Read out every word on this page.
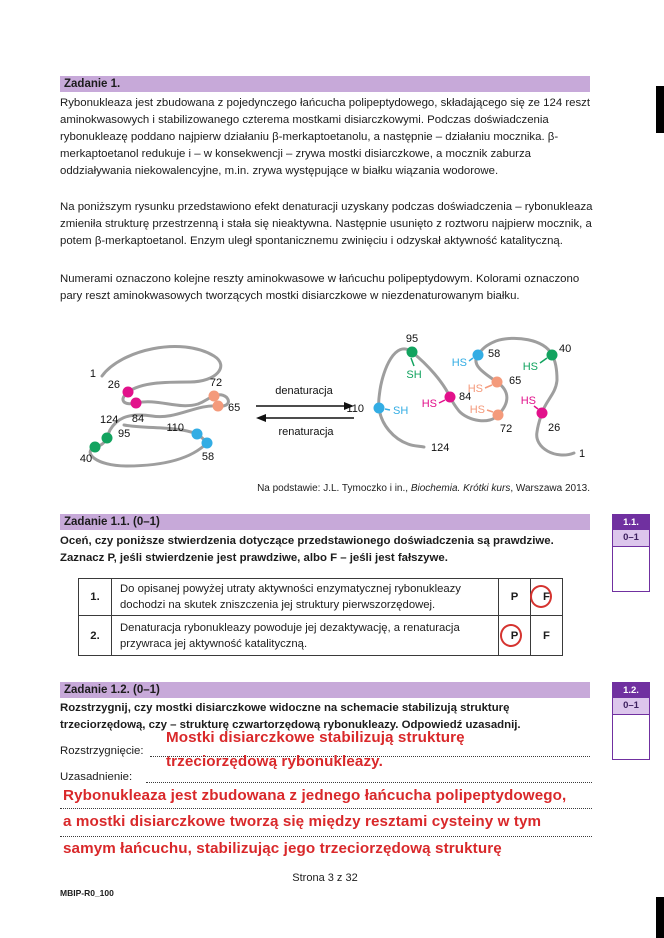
Zadanie 1.
Rybonukleaza jest zbudowana z pojedynczego łańcucha polipeptydowego, składającego się ze 124 reszt aminokwasowych i stabilizowanego czterema mostkami disiarczkowymi. Podczas doświadczenia rybonukleazę poddano najpierw działaniu β-merkaptoetanolu, a następnie – działaniu mocznika. β-merkaptoetanol redukuje i – w konsekwencji – zrywa mostki disiarczkowe, a mocznik zaburza oddziaływania niekowalencyjne, m.in. zrywa występujące w białku wiązania wodorowe.
Na poniższym rysunku przedstawiono efekt denaturacji uzyskany podczas doświadczenia – rybonukleaza zmieniła strukturę przestrzenną i stała się nieaktywna. Następnie usunięto z roztworu najpierw mocznik, a potem β-merkaptoetanol. Enzym uległ spontanicznemu zwinięciu i odzyskał aktywność katalityczną.
Numerami oznaczono kolejne reszty aminokwasowe w łańcuchu polipeptydowym. Kolorami oznaczono pary reszt aminokwasowych tworzących mostki disiarczkowe w niezdenaturowanym białku.
1
26
84
72
65
124
95
40
110
58
denaturacja
renaturacja
95
SH
58
HS
40
HS
65
HS
84
HS
72
HS
110	SH
26
HS
124	1
Na podstawie: J.L. Tymoczko i in., Biochemia. Krótki kurs, Warszawa 2013.
Zadanie 1.1. (0–1)
Oceń, czy poniższe stwierdzenia dotyczące przedstawionego doświadczenia są prawdziwe. Zaznacz P, jeśli stwierdzenie jest prawdziwe, albo F – jeśli jest fałszywe.
1.1.
0–1
1.	Do opisanej powyżej utraty aktywności enzymatycznej rybonukleazy dochodzi na skutek zniszczenia jej struktury pierwszorzędowej.	P	F
2.	Denaturacja rybonukleazy powoduje jej dezaktywację, a renaturacja przywraca jej aktywność katalityczną.	P	F
Zadanie 1.2. (0–1)
Rozstrzygnij, czy mostki disiarczkowe widoczne na schemacie stabilizują strukturę trzeciorzędową, czy – strukturę czwartorzędową rybonukleazy. Odpowiedź uzasadnij.
1.2.
0–1
Rozstrzygnięcie:
Mostki disiarczkowe stabilizują strukturę
trzeciorzędową rybonukleazy.
Uzasadnienie:
Rybonukleaza jest zbudowana z jednego łańcucha polipeptydowego,
a mostki disiarczkowe tworzą się między resztami cysteiny w tym
samym łańcuchu, stabilizując jego trzeciorzędową strukturę
Strona 3 z 32
MBIP-R0_100
